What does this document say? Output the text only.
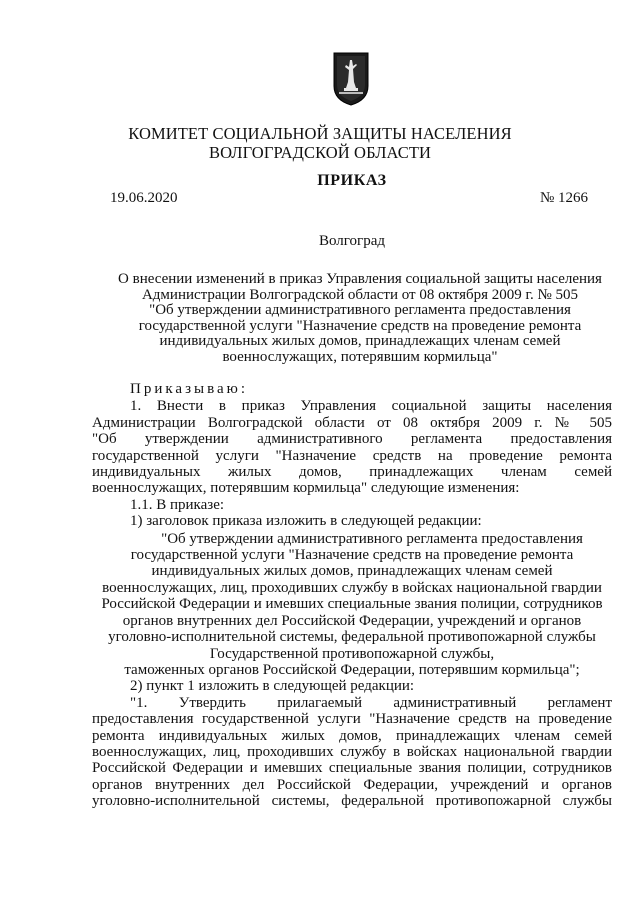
КОМИТЕТ СОЦИАЛЬНОЙ ЗАЩИТЫ НАСЕЛЕНИЯ
ВОЛГОГРАДСКОЙ ОБЛАСТИ
ПРИКАЗ
19.06.2020	№ 1266
Волгоград
О внесении изменений в приказ Управления социальной защиты населения
Администрации Волгоградской области от 08 октября 2009 г. № 505
"Об утверждении административного регламента предоставления
государственной услуги "Назначение средств на проведение ремонта
индивидуальных жилых домов, принадлежащих членам семей
военнослужащих, потерявшим кормильца"
Приказываю:
1. Внести в приказ Управления социальной защиты населения
Администрации Волгоградской области от 08 октября 2009 г. № 505
"Об утверждении административного регламента предоставления
государственной услуги "Назначение средств на проведение ремонта
индивидуальных жилых домов, принадлежащих членам семей
военнослужащих, потерявшим кормильца" следующие изменения:
1.1. В приказе:
1) заголовок приказа изложить в следующей редакции:
"Об утверждении административного регламента предоставления
государственной услуги "Назначение средств на проведение ремонта
индивидуальных жилых домов, принадлежащих членам семей
военнослужащих, лиц, проходивших службу в войсках национальной гвардии
Российской Федерации и имевших специальные звания полиции, сотрудников
органов внутренних дел Российской Федерации, учреждений и органов
уголовно-исполнительной системы, федеральной противопожарной службы
Государственной противопожарной службы,
таможенных органов Российской Федерации, потерявшим кормильца";
2) пункт 1 изложить в следующей редакции:
"1. Утвердить прилагаемый административный регламент
предоставления государственной услуги "Назначение средств на проведение
ремонта индивидуальных жилых домов, принадлежащих членам семей
военнослужащих, лиц, проходивших службу в войсках национальной гвардии
Российской Федерации и имевших специальные звания полиции, сотрудников
органов внутренних дел Российской Федерации, учреждений и органов
уголовно-исполнительной системы, федеральной противопожарной службы
